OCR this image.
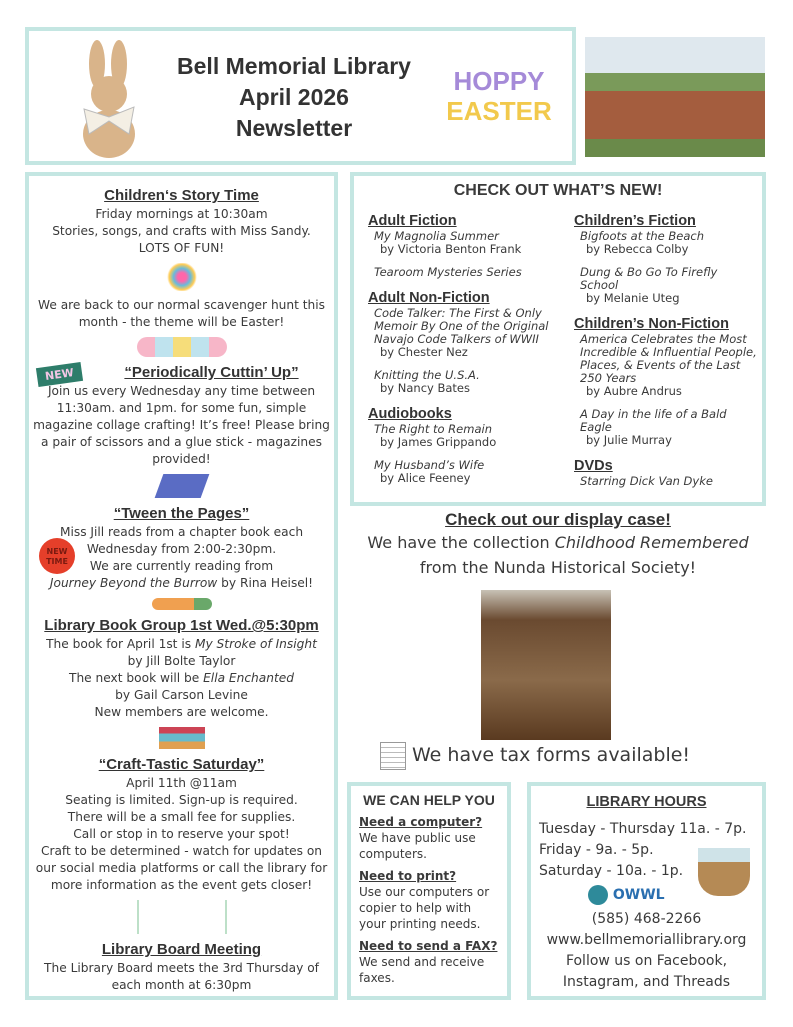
Bell Memorial Library
April 2026
Newsletter
HOPPY
EASTER
Children‘s Story Time
Friday mornings at 10:30am
Stories, songs, and crafts with Miss Sandy.
LOTS OF FUN!
We are back to our normal scavenger hunt this month - the theme will be Easter!
NEW	“Periodically Cuttin’ Up”
Join us every Wednesday any time between 11:30am. and 1pm. for some fun, simple magazine collage crafting! It’s free! Please bring a pair of scissors and a glue stick - magazines provided!
“Tween the Pages”
NEW TIME
Miss Jill reads from a chapter book each
Wednesday from 2:00-2:30pm.
We are currently reading from
Journey Beyond the Burrow by Rina Heisel!
Library Book Group 1st Wed.@5:30pm
The book for April 1st is My Stroke of Insight
by Jill Bolte Taylor
The next book will be Ella Enchanted
by Gail Carson Levine
New members are welcome.
“Craft-Tastic Saturday”
April 11th @11am
Seating is limited. Sign-up is required.
There will be a small fee for supplies.
Call or stop in to reserve your spot!
Craft to be determined - watch for updates on our social media platforms or call the library for more information as the event gets closer!
Library Board Meeting
The Library Board meets the 3rd Thursday of each month at 6:30pm
CHECK OUT WHAT’S NEW!
Adult Fiction
My Magnolia Summer
by Victoria Benton Frank
Tearoom Mysteries Series
Adult Non-Fiction
Code Talker: The First & Only Memoir By One of the Original Navajo Code Talkers of WWII
by Chester Nez
Knitting the U.S.A.
by Nancy Bates
Audiobooks
The Right to Remain
by James Grippando
My Husband’s Wife
by Alice Feeney
Children’s Fiction
Bigfoots at the Beach
by Rebecca Colby
Dung & Bo Go To Firefly School
by Melanie Uteg
Children’s Non-Fiction
America Celebrates the Most Incredible & Influential People, Places, & Events of the Last 250 Years
by Aubre Andrus
A Day in the life of a Bald Eagle
by Julie Murray
DVDs
Starring Dick Van Dyke
Check out our display case!
We have the collection Childhood Remembered
from the Nunda Historical Society!
We have tax forms available!
WE CAN HELP YOU

Need a computer?
We have public use computers.

Need to print?
Use our computers or copier to help with your printing needs.

Need to send a FAX?
We send and receive faxes.

LIBRARY HOURS
Tuesday - Thursday 11a. - 7p.
Friday - 9a. - 5p.
Saturday - 10a. - 1p.
OWWL
(585) 468-2266
www.bellmemoriallibrary.org
Follow us on Facebook, Instagram, and Threads
